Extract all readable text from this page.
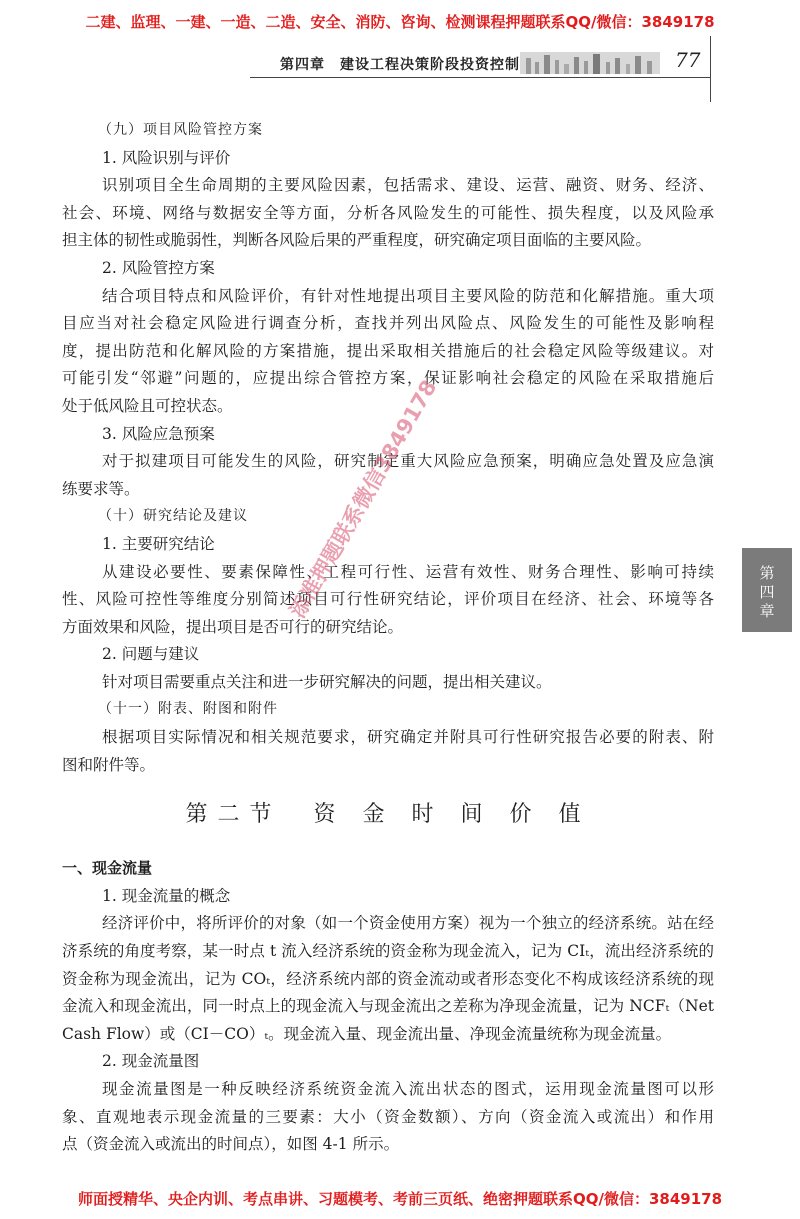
二建、监理、一建、一造、二造、安全、消防、咨询、检测课程押题联系QQ/微信：3849178
第四章　建设工程决策阶段投资控制	77
（九）项目风险管控方案
1. 风险识别与评价
识别项目全生命周期的主要风险因素，包括需求、建设、运营、融资、财务、经济、
社会、环境、网络与数据安全等方面，分析各风险发生的可能性、损失程度，以及风险承
担主体的韧性或脆弱性，判断各风险后果的严重程度，研究确定项目面临的主要风险。
2. 风险管控方案
结合项目特点和风险评价，有针对性地提出项目主要风险的防范和化解措施。重大项
目应当对社会稳定风险进行调查分析，查找并列出风险点、风险发生的可能性及影响程
度，提出防范和化解风险的方案措施，提出采取相关措施后的社会稳定风险等级建议。对
可能引发“邻避”问题的，应提出综合管控方案，保证影响社会稳定的风险在采取措施后
处于低风险且可控状态。
3. 风险应急预案
对于拟建项目可能发生的风险，研究制定重大风险应急预案，明确应急处置及应急演
练要求等。
（十）研究结论及建议
1. 主要研究结论
从建设必要性、要素保障性、工程可行性、运营有效性、财务合理性、影响可持续
性、风险可控性等维度分别简述项目可行性研究结论，评价项目在经济、社会、环境等各
方面效果和风险，提出项目是否可行的研究结论。
2. 问题与建议
针对项目需要重点关注和进一步研究解决的问题，提出相关建议。
（十一）附表、附图和附件
根据项目实际情况和相关规范要求，研究确定并附具可行性研究报告必要的附表、附
图和附件等。
第二节　资 金 时 间 价 值
一、现金流量
1. 现金流量的概念
经济评价中，将所评价的对象（如一个资金使用方案）视为一个独立的经济系统。站在经
济系统的角度考察，某一时点 t 流入经济系统的资金称为现金流入，记为 CIₜ，流出经济系统的
资金称为现金流出，记为 COₜ，经济系统内部的资金流动或者形态变化不构成该经济系统的现
金流入和现金流出，同一时点上的现金流入与现金流出之差称为净现金流量，记为 NCFₜ（Net
Cash Flow）或（CI－CO）ₜ。现金流入量、现金流出量、净现金流量统称为现金流量。
2. 现金流量图
现金流量图是一种反映经济系统资金流入流出状态的图式，运用现金流量图可以形
象、直观地表示现金流量的三要素：大小（资金数额）、方向（资金流入或流出）和作用
点（资金流入或流出的时间点），如图 4-1 所示。
第四章
添准押题联系微信3849178
师面授精华、央企内训、考点串讲、习题模考、考前三页纸、绝密押题联系QQ/微信：3849178
